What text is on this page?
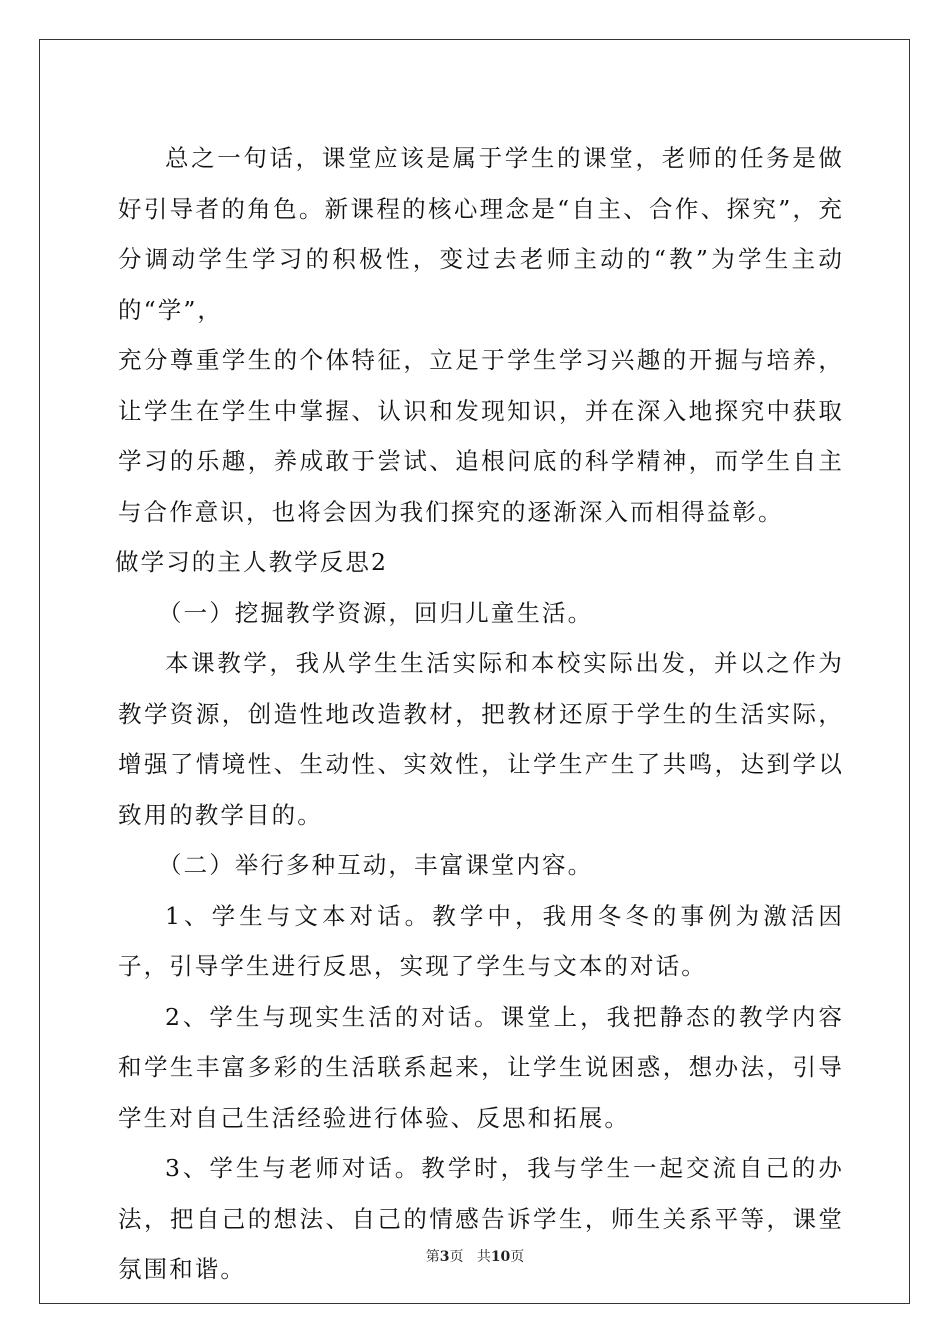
总之一句话，课堂应该是属于学生的课堂，老师的任务是做好引导者的角色。新课程的核心理念是“自主、合作、探究”，充分调动学生学习的积极性，变过去老师主动的“教”为学生主动的“学”，

充分尊重学生的个体特征，立足于学生学习兴趣的开掘与培养，让学生在学生中掌握、认识和发现知识，并在深入地探究中获取学习的乐趣，养成敢于尝试、追根问底的科学精神，而学生自主与合作意识，也将会因为我们探究的逐渐深入而相得益彰。

做学习的主人教学反思2

（一）挖掘教学资源，回归儿童生活。

本课教学，我从学生生活实际和本校实际出发，并以之作为教学资源，创造性地改造教材，把教材还原于学生的生活实际，增强了情境性、生动性、实效性，让学生产生了共鸣，达到学以致用的教学目的。

（二）举行多种互动，丰富课堂内容。

1、学生与文本对话。教学中，我用冬冬的事例为激活因子，引导学生进行反思，实现了学生与文本的对话。

2、学生与现实生活的对话。课堂上，我把静态的教学内容和学生丰富多彩的生活联系起来，让学生说困惑，想办法，引导学生对自己生活经验进行体验、反思和拓展。

3、学生与老师对话。教学时，我与学生一起交流自己的办法，把自己的想法、自己的情感告诉学生，师生关系平等，课堂氛围和谐。	第3页 共10页
